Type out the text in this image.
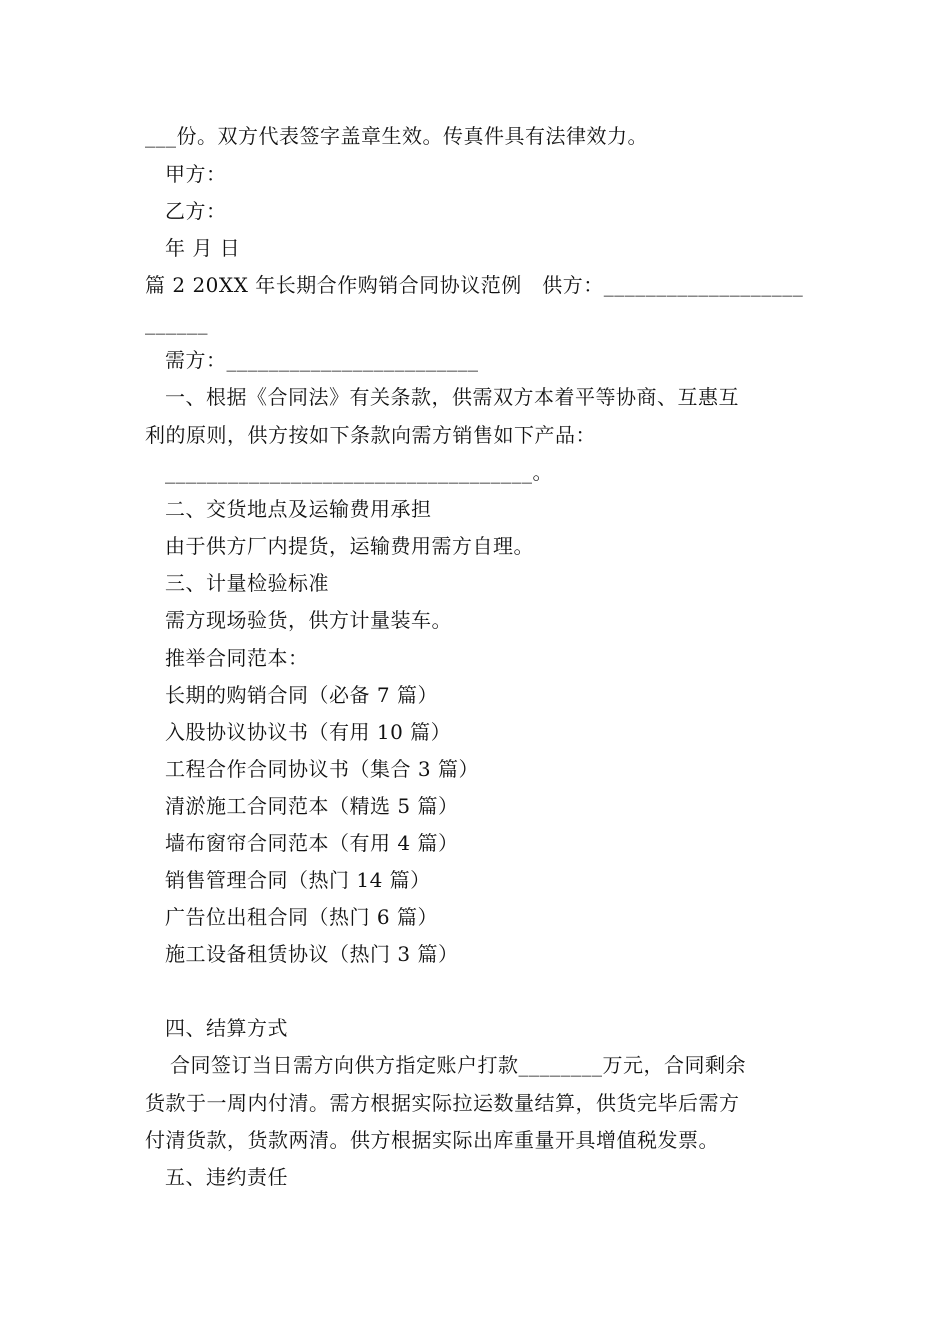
___份。双方代表签字盖章生效。传真件具有法律效力。
甲方：
乙方：
年 月 日
篇 2 20XX 年长期合作购销合同协议范例　供方：___________________
______
需方：________________________
一、根据《合同法》有关条款，供需双方本着平等协商、互惠互
利的原则，供方按如下条款向需方销售如下产品：
___________________________________。
二、交货地点及运输费用承担
由于供方厂内提货，运输费用需方自理。
三、计量检验标准
需方现场验货，供方计量装车。
推举合同范本：
长期的购销合同（必备 7 篇）
入股协议协议书（有用 10 篇）
工程合作合同协议书（集合 3 篇）
清淤施工合同范本（精选 5 篇）
墙布窗帘合同范本（有用 4 篇）
销售管理合同（热门 14 篇）
广告位出租合同（热门 6 篇）
施工设备租赁协议（热门 3 篇）
四、结算方式
合同签订当日需方向供方指定账户打款________万元，合同剩余
货款于一周内付清。需方根据实际拉运数量结算，供货完毕后需方
付清货款，货款两清。供方根据实际出库重量开具增值税发票。
五、违约责任
